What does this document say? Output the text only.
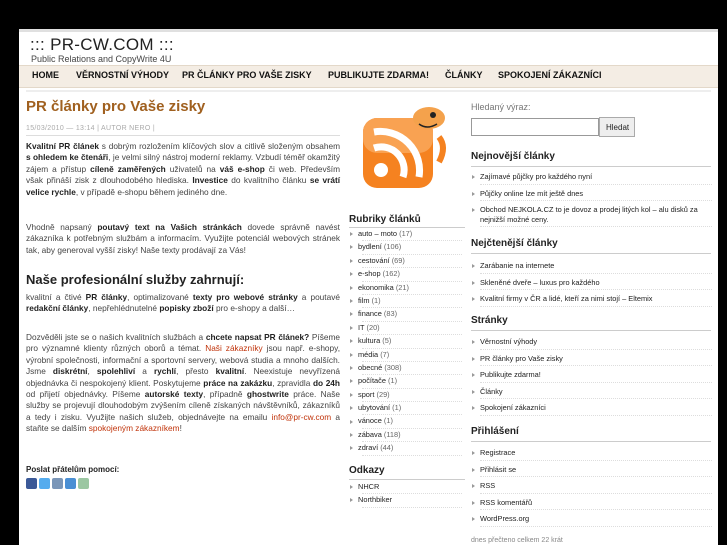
::: PR-CW.COM :::
Public Relations and CopyWrite 4U
HOME VĚRNOSTNÍ VÝHODY PR ČLÁNKY PRO VAŠE ZISKY PUBLIKUJTE ZDARMA! ČLÁNKY SPOKOJENÍ ZÁKAZNÍCI
PR články pro Vaše zisky
15/03/2010 — 13:14 | AUTOR NERO |
Kvalitní PR článek s dobrým rozložením klíčových slov a citlivě složeným obsahem s ohledem ke čtenáři, je velmi silný nástroj moderní reklamy. Vzbudí téměř okamžitý zájem a přístup cíleně zaměřených uživatelů na váš e-shop či web. Především však přináší zisk z dlouhodobého hlediska. Investice do kvalitního článku se vrátí velice rychle, v případě e-shopu během jediného dne.
Vhodně napsaný poutavý text na Vašich stránkách dovede správně navést zákazníka k potřebným službám a informacím. Využijte potenciál webových stránek tak, aby generoval vyšší zisky! Naše texty prodávají za Vás!
Naše profesionální služby zahrnují:
kvalitní a čtivé PR články, optimalizované texty pro webové stránky a poutavé redakční články, nepřehlédnutelné popisky zboží pro e-shopy a další…
Dozvěděli jste se o našich kvalitních službách a chcete napsat PR článek? Píšeme pro významné klienty různých oborů a témat. Naši zákazníky jsou např. e-shopy, výrobní společnosti, informační a sportovní servery, webová studia a mnoho dalších. Jsme diskrétní, spolehliví a rychlí, přesto kvalitní. Neexistuje nevyřízená objednávka či nespokojený klient. Poskytujeme práce na zakázku, zpravidla do 24h od přijetí objednávky. Píšeme autorské texty, případně ghostwrite práce. Naše služby se projevují dlouhodobým zvýšením cíleně získaných návštěvníků, zákazníků a tedy i zisku. Využijte našich služeb, objednávejte na emailu info@pr-cw.com a staňte se dalším spokojeným zákazníkem!
Poslat přátelům pomocí:
Rubriky článků
auto – moto (17)
bydlení (106)
cestování (69)
e-shop (162)
ekonomika (21)
film (1)
finance (83)
IT (20)
kultura (5)
média (7)
obecné (308)
počítače (1)
sport (29)
ubytování (1)
vánoce (1)
zábava (118)
zdraví (44)
Odkazy
NHCR
Northbiker
Hledaný výraz:
Hledat
Nejnovější články
Zajímavé půjčky pro každého nyní
Půjčky online lze mít ještě dnes
Obchod NEJKOLA.CZ to je dovoz a prodej litých kol – alu disků za nejnižší možné ceny.
Nejčtenější články
Zarábanie na internete
Skleněné dveře – luxus pro každého
Kvalitní firmy v ČR a lidé, kteří za nimi stojí – Eltemix
Stránky
Věrnostní výhody
PR články pro Vaše zisky
Publikujte zdarma!
Články
Spokojení zákazníci
Přihlášení
Registrace
Přihlásit se
RSS
RSS komentářů
WordPress.org
dnes přečteno celkem 22 krát
